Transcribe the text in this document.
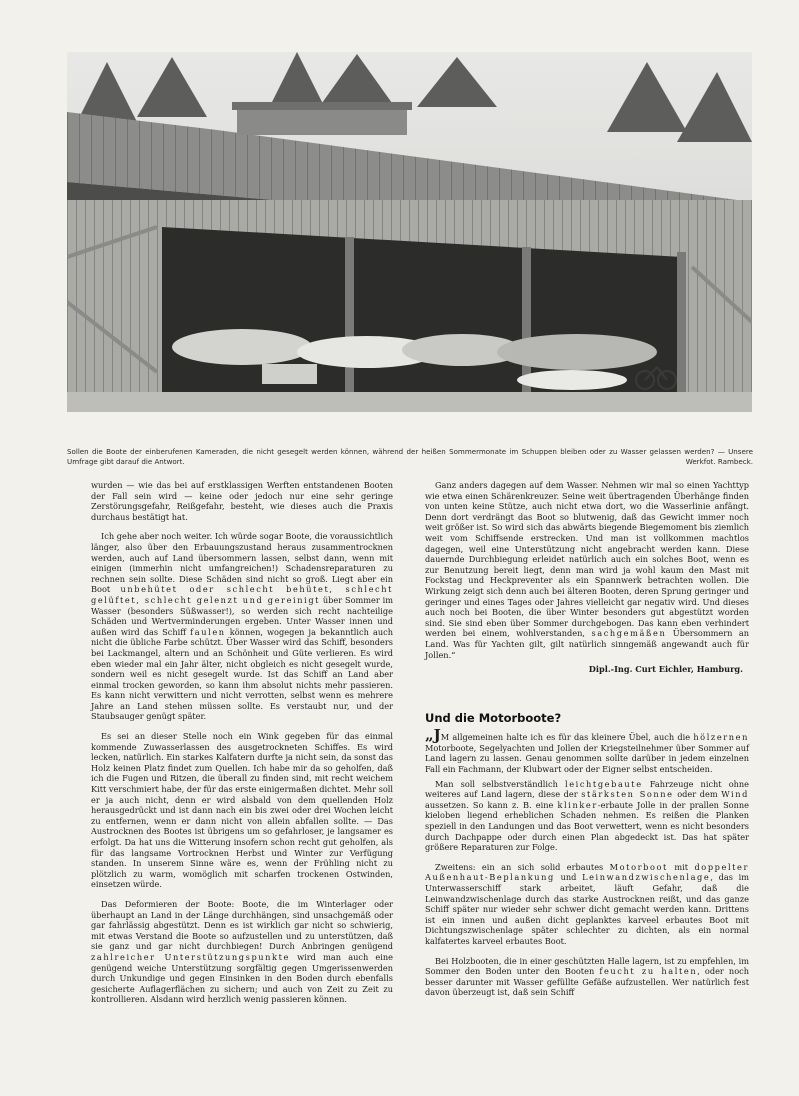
Sollen die Boote der einberufenen Kameraden, die nicht gesegelt werden können, während der heißen Sommermonate im Schuppen bleiben oder zu Wasser gelassen werden? — Unsere Umfrage gibt darauf die Antwort.	Werkfot. Rambeck.

wurden — wie das bei auf erstklassigen Werften entstandenen Booten der Fall sein wird — keine oder jedoch nur eine sehr geringe Zerstörungsgefahr, Reißgefahr, besteht, wie dieses auch die Praxis durchaus bestätigt hat.

Ich gehe aber noch weiter. Ich würde sogar Boote, die voraussichtlich länger, also über den Erbauungszustand heraus zusammentrocknen werden, auch auf Land übersommern lassen, selbst dann, wenn mit einigen (immerhin nicht umfangreichen!) Schadensreparaturen zu rechnen sein sollte. Diese Schäden sind nicht so groß. Liegt aber ein Boot unbehütet oder schlecht behütet, schlecht gelüftet, schlecht gelenzt und gereinigt über Sommer im Wasser (besonders Süßwasser!), so werden sich recht nachteilige Schäden und Wertverminderungen ergeben. Unter Wasser innen und außen wird das Schiff faulen können, wogegen ja bekanntlich auch nicht die übliche Farbe schützt. Über Wasser wird das Schiff, besonders bei Lackmangel, altern und an Schönheit und Güte verlieren. Es wird eben wieder mal ein Jahr älter, nicht obgleich es nicht gesegelt wurde, sondern weil es nicht gesegelt wurde. Ist das Schiff an Land aber einmal trocken geworden, so kann ihm absolut nichts mehr passieren. Es kann nicht verwittern und nicht verrotten, selbst wenn es mehrere Jahre an Land stehen müssen sollte. Es verstaubt nur, und der Staubsauger genügt später.

Es sei an dieser Stelle noch ein Wink gegeben für das einmal kommende Zuwasserlassen des ausgetrockneten Schiffes. Es wird lecken, natürlich. Ein starkes Kalfatern durfte ja nicht sein, da sonst das Holz keinen Platz findet zum Quellen. Ich habe mir da so geholfen, daß ich die Fugen und Ritzen, die überall zu finden sind, mit recht weichem Kitt verschmiert habe, der für das erste einigermaßen dichtet. Mehr soll er ja auch nicht, denn er wird alsbald von dem quellenden Holz herausgedrückt und ist dann nach ein bis zwei oder drei Wochen leicht zu entfernen, wenn er dann nicht von allein abfallen sollte. — Das Austrocknen des Bootes ist übrigens um so gefahrloser, je langsamer es erfolgt. Da hat uns die Witterung insofern schon recht gut geholfen, als für das langsame Vortrocknen Herbst und Winter zur Verfügung standen. In unserem Sinne wäre es, wenn der Frühling nicht zu plötzlich zu warm, womöglich mit scharfen trockenen Ostwinden, einsetzen würde.

Das Deformieren der Boote: Boote, die im Winterlager oder überhaupt an Land in der Länge durchhängen, sind unsachgemäß oder gar fahrlässig abgestützt. Denn es ist wirklich gar nicht so schwierig, mit etwas Verstand die Boote so aufzustellen und zu unterstützen, daß sie ganz und gar nicht durchbiegen! Durch Anbringen genügend zahlreicher Unterstützungspunkte wird man auch eine genügend weiche Unterstützung sorgfältig gegen Umgerissenwerden durch Unkundige und gegen Einsinken in den Boden durch ebenfalls gesicherte Auflagerflächen zu sichern; und auch von Zeit zu Zeit zu kontrollieren. Alsdann wird herzlich wenig passieren können.

Ganz anders dagegen auf dem Wasser. Nehmen wir mal so einen Yachttyp wie etwa einen Schärenkreuzer. Seine weit übertragenden Überhänge finden von unten keine Stütze, auch nicht etwa dort, wo die Wasserlinie anfängt. Denn dort verdrängt das Boot so blutwenig, daß das Gewicht immer noch weit größer ist. So wird sich das abwärts biegende Biegemoment bis ziemlich weit vom Schiffsende erstrecken. Und man ist vollkommen machtlos dagegen, weil eine Unterstützung nicht angebracht werden kann. Diese dauernde Durchbiegung erleidet natürlich auch ein solches Boot, wenn es zur Benutzung bereit liegt, denn man wird ja wohl kaum den Mast mit Fockstag und Heckpreventer als ein Spannwerk betrachten wollen. Die Wirkung zeigt sich denn auch bei älteren Booten, deren Sprung geringer und geringer und eines Tages oder Jahres vielleicht gar negativ wird. Und dieses auch noch bei Booten, die über Winter besonders gut abgestützt worden sind. Sie sind eben über Sommer durchgebogen. Das kann eben verhindert werden bei einem, wohlverstanden, sachgemäßen Übersommern an Land. Was für Yachten gilt, gilt natürlich sinngemäß angewandt auch für Jollen.“

Dipl.-Ing. Curt Eichler, Hamburg.
Und die Motorboote?

„JM allgemeinen halte ich es für das kleinere Übel, auch die hölzernen Motorboote, Segelyachten und Jollen der Kriegsteilnehmer über Sommer auf Land lagern zu lassen. Genau genommen sollte darüber in jedem einzelnen Fall ein Fachmann, der Klubwart oder der Eigner selbst entscheiden.

Man soll selbstverständlich leichtgebaute Fahrzeuge nicht ohne weiteres auf Land lagern, diese der stärksten Sonne oder dem Wind aussetzen. So kann z. B. eine klinker-erbaute Jolle in der prallen Sonne kieloben liegend erheblichen Schaden nehmen. Es reißen die Planken speziell in den Landungen und das Boot verwettert, wenn es nicht besonders durch Dachpappe oder durch einen Plan abgedeckt ist. Das hat später größere Reparaturen zur Folge.

Zweitens: ein an sich solid erbautes Motorboot mit doppelter Außenhaut-Beplankung und Leinwandzwischenlage, das im Unterwasserschiff stark arbeitet, läuft Gefahr, daß die Leinwandzwischenlage durch das starke Austrocknen reißt, und das ganze Schiff später nur wieder sehr schwer dicht gemacht werden kann. Drittens ist ein innen und außen dicht geplanktes karveel erbautes Boot mit Dichtungszwischenlage später schlechter zu dichten, als ein normal kalfatertes karveel erbautes Boot.

Bei Holzbooten, die in einer geschützten Halle lagern, ist zu empfehlen, im Sommer den Boden unter den Booten feucht zu halten, oder noch besser darunter mit Wasser gefüllte Gefäße aufzustellen. Wer natürlich fest davon überzeugt ist, daß sein Schiff
